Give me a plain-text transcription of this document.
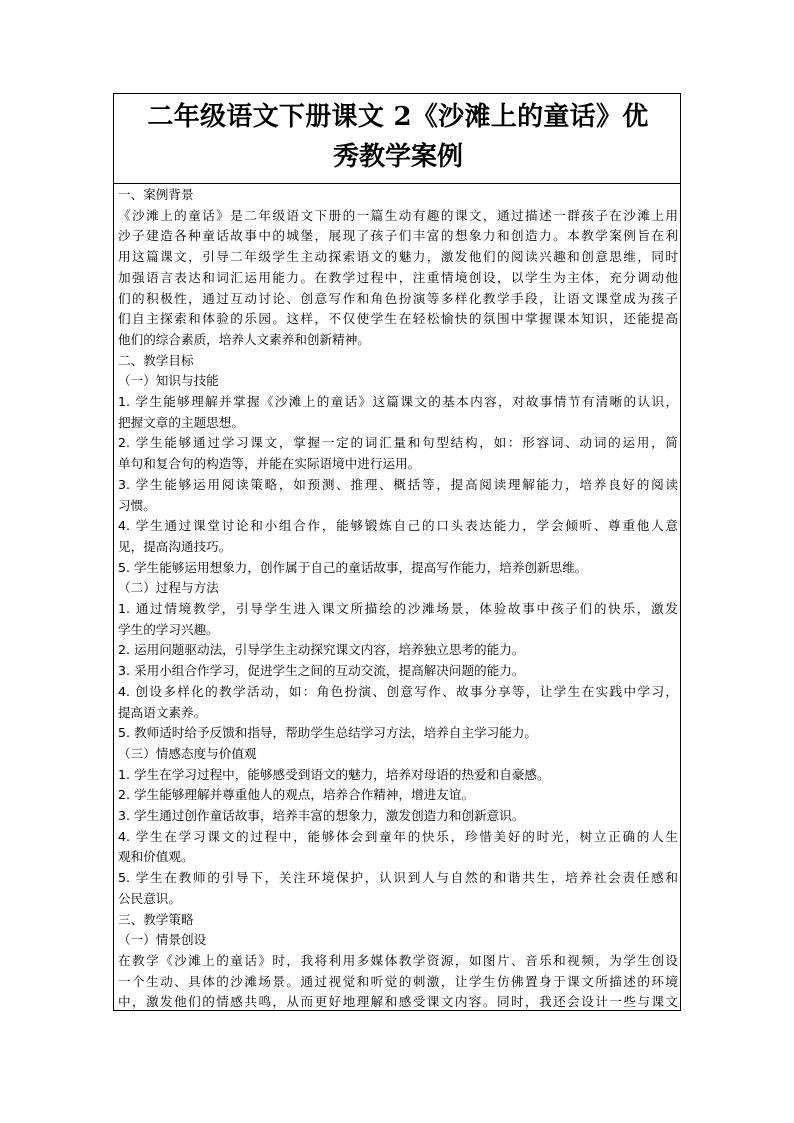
二年级语文下册课文 2《沙滩上的童话》优
秀教学案例
一、案例背景
《沙滩上的童话》是二年级语文下册的一篇生动有趣的课文，通过描述一群孩子在沙滩上用
沙子建造各种童话故事中的城堡，展现了孩子们丰富的想象力和创造力。本教学案例旨在利
用这篇课文，引导二年级学生主动探索语文的魅力，激发他们的阅读兴趣和创意思维，同时
加强语言表达和词汇运用能力。在教学过程中，注重情境创设，以学生为主体，充分调动他
们的积极性，通过互动讨论、创意写作和角色扮演等多样化教学手段，让语文课堂成为孩子
们自主探索和体验的乐园。这样，不仅使学生在轻松愉快的氛围中掌握课本知识，还能提高
他们的综合素质，培养人文素养和创新精神。
二、教学目标
（一）知识与技能
1. 学生能够理解并掌握《沙滩上的童话》这篇课文的基本内容，对故事情节有清晰的认识，
把握文章的主题思想。
2. 学生能够通过学习课文，掌握一定的词汇量和句型结构，如：形容词、动词的运用，简
单句和复合句的构造等，并能在实际语境中进行运用。
3. 学生能够运用阅读策略，如预测、推理、概括等，提高阅读理解能力，培养良好的阅读
习惯。
4. 学生通过课堂讨论和小组合作，能够锻炼自己的口头表达能力，学会倾听、尊重他人意
见，提高沟通技巧。
5. 学生能够运用想象力，创作属于自己的童话故事，提高写作能力，培养创新思维。
（二）过程与方法
1. 通过情境教学，引导学生进入课文所描绘的沙滩场景，体验故事中孩子们的快乐，激发
学生的学习兴趣。
2. 运用问题驱动法，引导学生主动探究课文内容，培养独立思考的能力。
3. 采用小组合作学习，促进学生之间的互动交流，提高解决问题的能力。
4. 创设多样化的教学活动，如：角色扮演、创意写作、故事分享等，让学生在实践中学习，
提高语文素养。
5. 教师适时给予反馈和指导，帮助学生总结学习方法，培养自主学习能力。
（三）情感态度与价值观
1. 学生在学习过程中，能够感受到语文的魅力，培养对母语的热爱和自豪感。
2. 学生能够理解并尊重他人的观点，培养合作精神，增进友谊。
3. 学生通过创作童话故事，培养丰富的想象力，激发创造力和创新意识。
4. 学生在学习课文的过程中，能够体会到童年的快乐，珍惜美好的时光，树立正确的人生
观和价值观。
5. 学生在教师的引导下，关注环境保护，认识到人与自然的和谐共生，培养社会责任感和
公民意识。
三、教学策略
（一）情景创设
在教学《沙滩上的童话》时，我将利用多媒体教学资源，如图片、音乐和视频，为学生创设
一个生动、具体的沙滩场景。通过视觉和听觉的刺激，让学生仿佛置身于课文所描述的环境
中，激发他们的情感共鸣，从而更好地理解和感受课文内容。同时，我还会设计一些与课文
